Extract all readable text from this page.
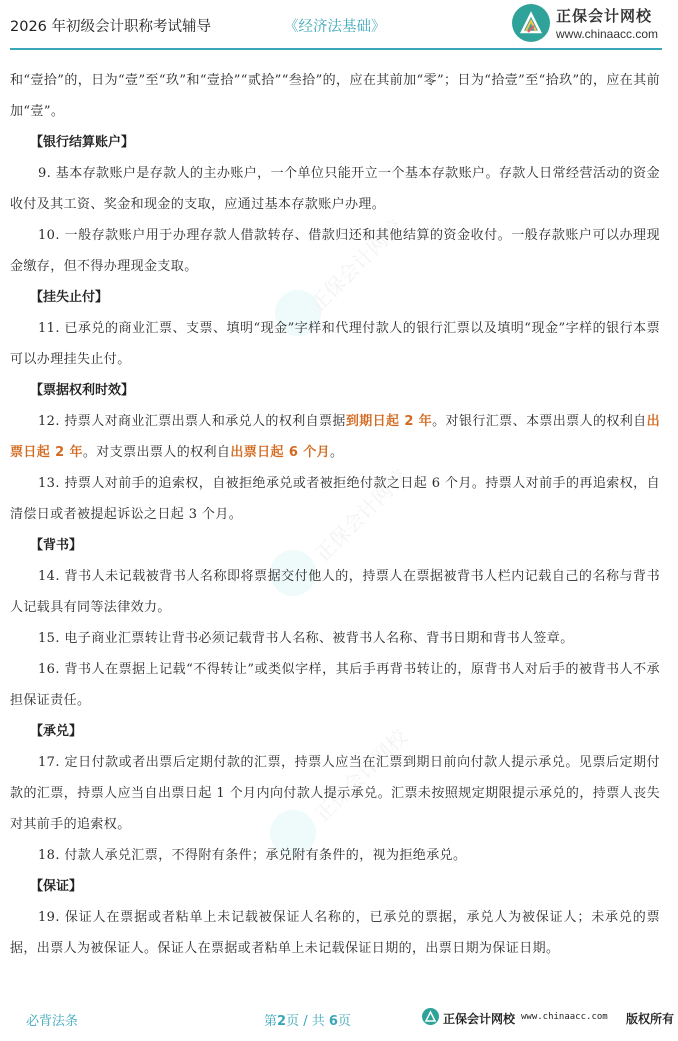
2026 年初级会计职称考试辅导	《经济法基础》
正保会计网校
www.chinaacc.com
正保会计网校
正保会计网校
正保会计网校

和“壹拾”的，日为“壹”至“玖”和“壹拾”“贰拾”“叁拾”的，应在其前加“零”；日为“拾壹”至“拾玖”的，应在其前加“壹”。

【银行结算账户】

9. 基本存款账户是存款人的主办账户，一个单位只能开立一个基本存款账户。存款人日常经营活动的资金收付及其工资、奖金和现金的支取，应通过基本存款账户办理。

10. 一般存款账户用于办理存款人借款转存、借款归还和其他结算的资金收付。一般存款账户可以办理现金缴存，但不得办理现金支取。

【挂失止付】

11. 已承兑的商业汇票、支票、填明“现金”字样和代理付款人的银行汇票以及填明“现金”字样的银行本票可以办理挂失止付。

【票据权利时效】

12. 持票人对商业汇票出票人和承兑人的权利自票据到期日起 2 年。对银行汇票、本票出票人的权利自出票日起 2 年。对支票出票人的权利自出票日起 6 个月。

13. 持票人对前手的追索权，自被拒绝承兑或者被拒绝付款之日起 6 个月。持票人对前手的再追索权，自清偿日或者被提起诉讼之日起 3 个月。

【背书】

14. 背书人未记载被背书人名称即将票据交付他人的，持票人在票据被背书人栏内记载自己的名称与背书人记载具有同等法律效力。

15. 电子商业汇票转让背书必须记载背书人名称、被背书人名称、背书日期和背书人签章。

16. 背书人在票据上记载“不得转让”或类似字样，其后手再背书转让的，原背书人对后手的被背书人不承担保证责任。

【承兑】

17. 定日付款或者出票后定期付款的汇票，持票人应当在汇票到期日前向付款人提示承兑。见票后定期付款的汇票，持票人应当自出票日起 1 个月内向付款人提示承兑。汇票未按照规定期限提示承兑的，持票人丧失对其前手的追索权。

18. 付款人承兑汇票，不得附有条件；承兑附有条件的，视为拒绝承兑。

【保证】

19. 保证人在票据或者粘单上未记载被保证人名称的，已承兑的票据，承兑人为被保证人；未承兑的票据，出票人为被保证人。保证人在票据或者粘单上未记载保证日期的，出票日期为保证日期。

必背法条	第2页 / 共 6页	正保会计网校 www.chinaacc.com 版权所有
